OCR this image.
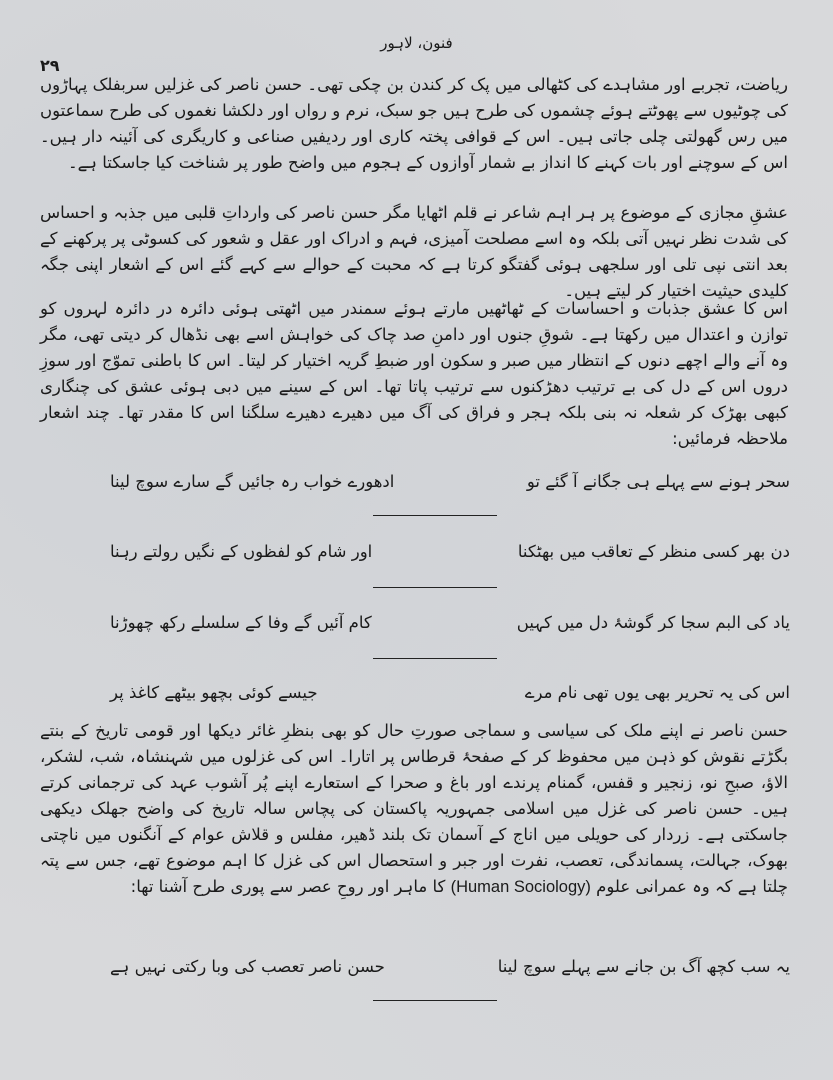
فنون، لاہور
۲۹

ریاضت، تجربے اور مشاہدے کی کٹھالی میں پک کر کندن بن چکی تھی۔ حسن ناصر کی غزلیں سربفلک پہاڑوں کی چوٹیوں سے پھوٹتے ہوئے چشموں کی طرح ہیں جو سبک، نرم و رواں اور دلکشا نغموں کی طرح سماعتوں میں رس گھولتی چلی جاتی ہیں۔ اس کے قوافی پختہ کاری اور ردیفیں صناعی و کاریگری کی آئینہ دار ہیں۔ اس کے سوچنے اور بات کہنے کا انداز بے شمار آوازوں کے ہجوم میں واضح طور پر شناخت کیا جاسکتا ہے۔

عشقِ مجازی کے موضوع پر ہر اہم شاعر نے قلم اٹھایا مگر حسن ناصر کی وارداتِ قلبی میں جذبہ و احساس کی شدت نظر نہیں آتی بلکہ وہ اسے مصلحت آمیزی، فہم و ادراک اور عقل و شعور کی کسوٹی پر پرکھنے کے بعد انتی نپی تلی اور سلجھی ہوئی گفتگو کرتا ہے کہ محبت کے حوالے سے کہے گئے اس کے اشعار اپنی جگہ کلیدی حیثیت اختیار کر لیتے ہیں۔

اس کا عشق جذبات و احساسات کے ٹھاٹھیں مارتے ہوئے سمندر میں اٹھتی ہوئی دائرہ در دائرہ لہروں کو توازن و اعتدال میں رکھتا ہے۔ شوقِ جنوں اور دامنِ صد چاک کی خواہش اسے بھی نڈھال کر دیتی تھی، مگر وہ آنے والے اچھے دنوں کے انتظار میں صبر و سکون اور ضبطِ گریہ اختیار کر لیتا۔ اس کا باطنی تموّج اور سوزِ دروں اس کے دل کی بے ترتیب دھڑکنوں سے ترتیب پاتا تھا۔ اس کے سینے میں دبی ہوئی عشق کی چنگاری کبھی بھڑک کر شعلہ نہ بنی بلکہ ہجر و فراق کی آگ میں دھیرے دھیرے سلگنا اس کا مقدر تھا۔ چند اشعار ملاحظہ فرمائیں:

سحر ہونے سے پہلے ہی جگانے آ گئے تو
ادھورے خواب رہ جائیں گے سارے سوچ لینا
دن بھر کسی منظر کے تعاقب میں بھٹکنا
اور شام کو لفظوں کے نگیں رولتے رہنا
یاد کی البم سجا کر گوشۂ دل میں کہیں
کام آئیں گے وفا کے سلسلے رکھ چھوڑنا
اس کی یہ تحریر بھی یوں تھی نام مرے
جیسے کوئی بچھو بیٹھے کاغذ پر

حسن ناصر نے اپنے ملک کی سیاسی و سماجی صورتِ حال کو بھی بنظرِ غائر دیکھا اور قومی تاریخ کے بنتے بگڑتے نقوش کو ذہن میں محفوظ کر کے صفحۂ قرطاس پر اتارا۔ اس کی غزلوں میں شہنشاہ، شب، لشکر، الاؤ، صبحِ نو، زنجیر و قفس، گمنام پرندے اور باغ و صحرا کے استعارے اپنے پُر آشوب عہد کی ترجمانی کرتے ہیں۔ حسن ناصر کی غزل میں اسلامی جمہوریہ پاکستان کی پچاس سالہ تاریخ کی واضح جھلک دیکھی جاسکتی ہے۔ زردار کی حویلی میں اناج کے آسمان تک بلند ڈھیر، مفلس و قلاش عوام کے آنگنوں میں ناچتی بھوک، جہالت، پسماندگی، تعصب، نفرت اور جبر و استحصال اس کی غزل کا اہم موضوع تھے، جس سے پتہ چلتا ہے کہ وہ عمرانی علوم (Human Sociology) کا ماہر اور روحِ عصر سے پوری طرح آشنا تھا:

یہ سب کچھ آگ بن جانے سے پہلے سوچ لینا
حسن ناصر تعصب کی وبا رکتی نہیں ہے
